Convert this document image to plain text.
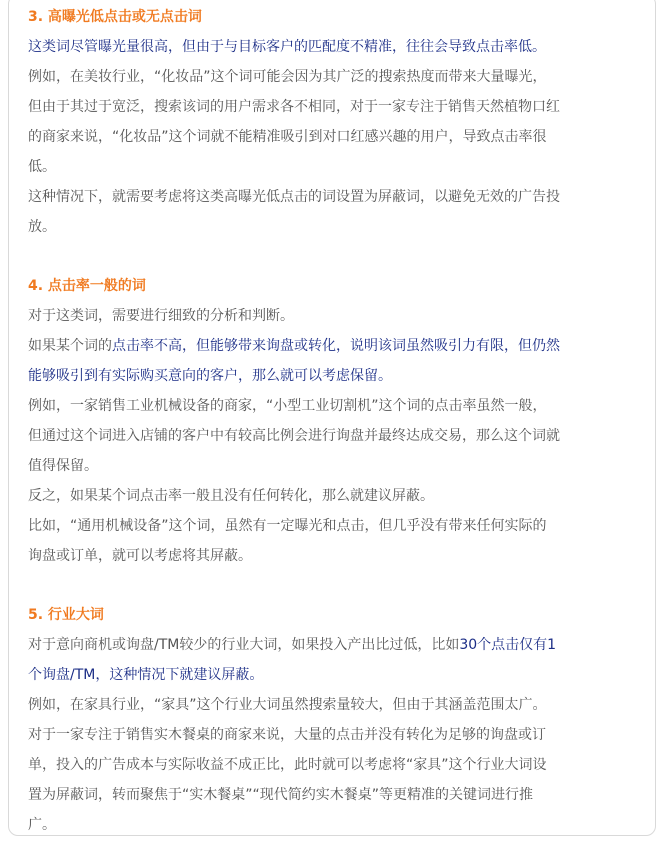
3. 高曝光低点击或无点击词
这类词尽管曝光量很高，但由于与目标客户的匹配度不精准，往往会导致点击率低。
例如，在美妆行业，“化妆品”这个词可能会因为其广泛的搜索热度而带来大量曝光，
但由于其过于宽泛，搜索该词的用户需求各不相同，对于一家专注于销售天然植物口红
的商家来说，“化妆品”这个词就不能精准吸引到对口红感兴趣的用户，导致点击率很
低。
这种情况下，就需要考虑将这类高曝光低点击的词设置为屏蔽词，以避免无效的广告投
放。
4. 点击率一般的词
对于这类词，需要进行细致的分析和判断。
如果某个词的点击率不高，但能够带来询盘或转化，说明该词虽然吸引力有限，但仍然
能够吸引到有实际购买意向的客户，那么就可以考虑保留。
例如，一家销售工业机械设备的商家，“小型工业切割机”这个词的点击率虽然一般，
但通过这个词进入店铺的客户中有较高比例会进行询盘并最终达成交易，那么这个词就
值得保留。
反之，如果某个词点击率一般且没有任何转化，那么就建议屏蔽。
比如，“通用机械设备”这个词，虽然有一定曝光和点击，但几乎没有带来任何实际的
询盘或订单，就可以考虑将其屏蔽。
5. 行业大词
对于意向商机或询盘/TM较少的行业大词，如果投入产出比过低，比如30个点击仅有1
个询盘/TM，这种情况下就建议屏蔽。
例如，在家具行业，“家具”这个行业大词虽然搜索量较大，但由于其涵盖范围太广。
对于一家专注于销售实木餐桌的商家来说，大量的点击并没有转化为足够的询盘或订
单，投入的广告成本与实际收益不成正比，此时就可以考虑将“家具”这个行业大词设
置为屏蔽词，转而聚焦于“实木餐桌”“现代简约实木餐桌”等更精准的关键词进行推
广。
